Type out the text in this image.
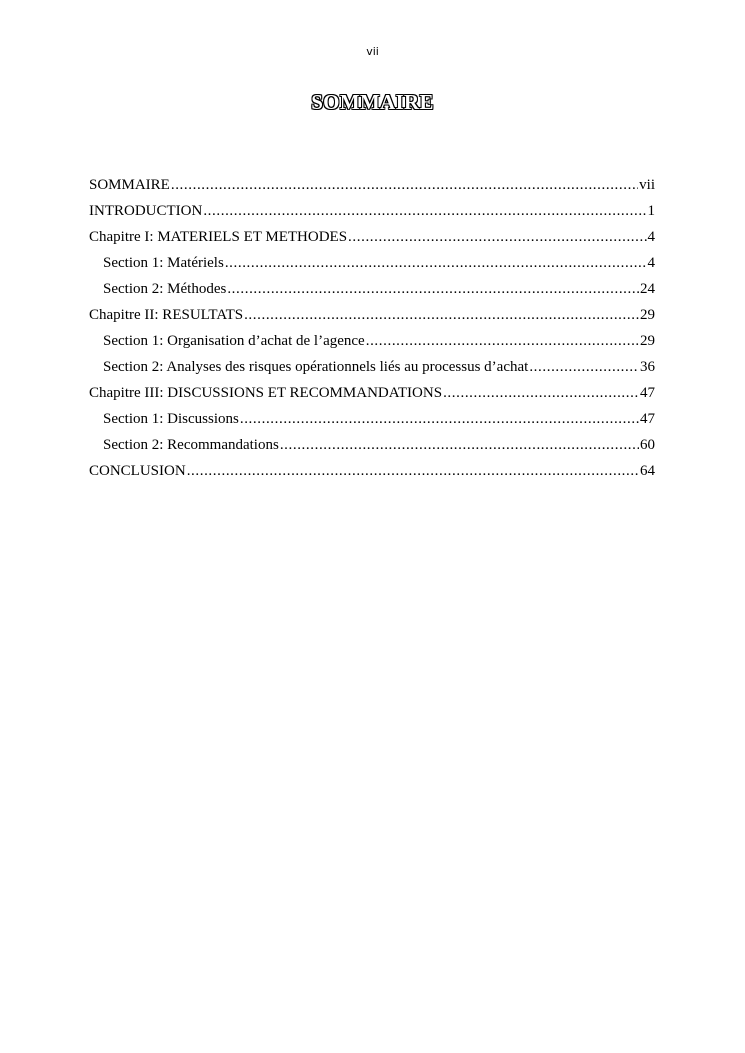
vii
SOMMAIRE
SOMMAIRE .....	vii
INTRODUCTION .....	1
Chapitre I: MATERIELS ET METHODES .....	4
Section 1: Matériels .....	4
Section 2: Méthodes .....	24
Chapitre II: RESULTATS .....	29
Section 1: Organisation d’achat de l’agence .....	29
Section 2: Analyses des risques opérationnels liés au processus d’achat .....	36
Chapitre III: DISCUSSIONS ET RECOMMANDATIONS .....	47
Section 1: Discussions .....	47
Section 2: Recommandations .....	60
CONCLUSION .....	64
